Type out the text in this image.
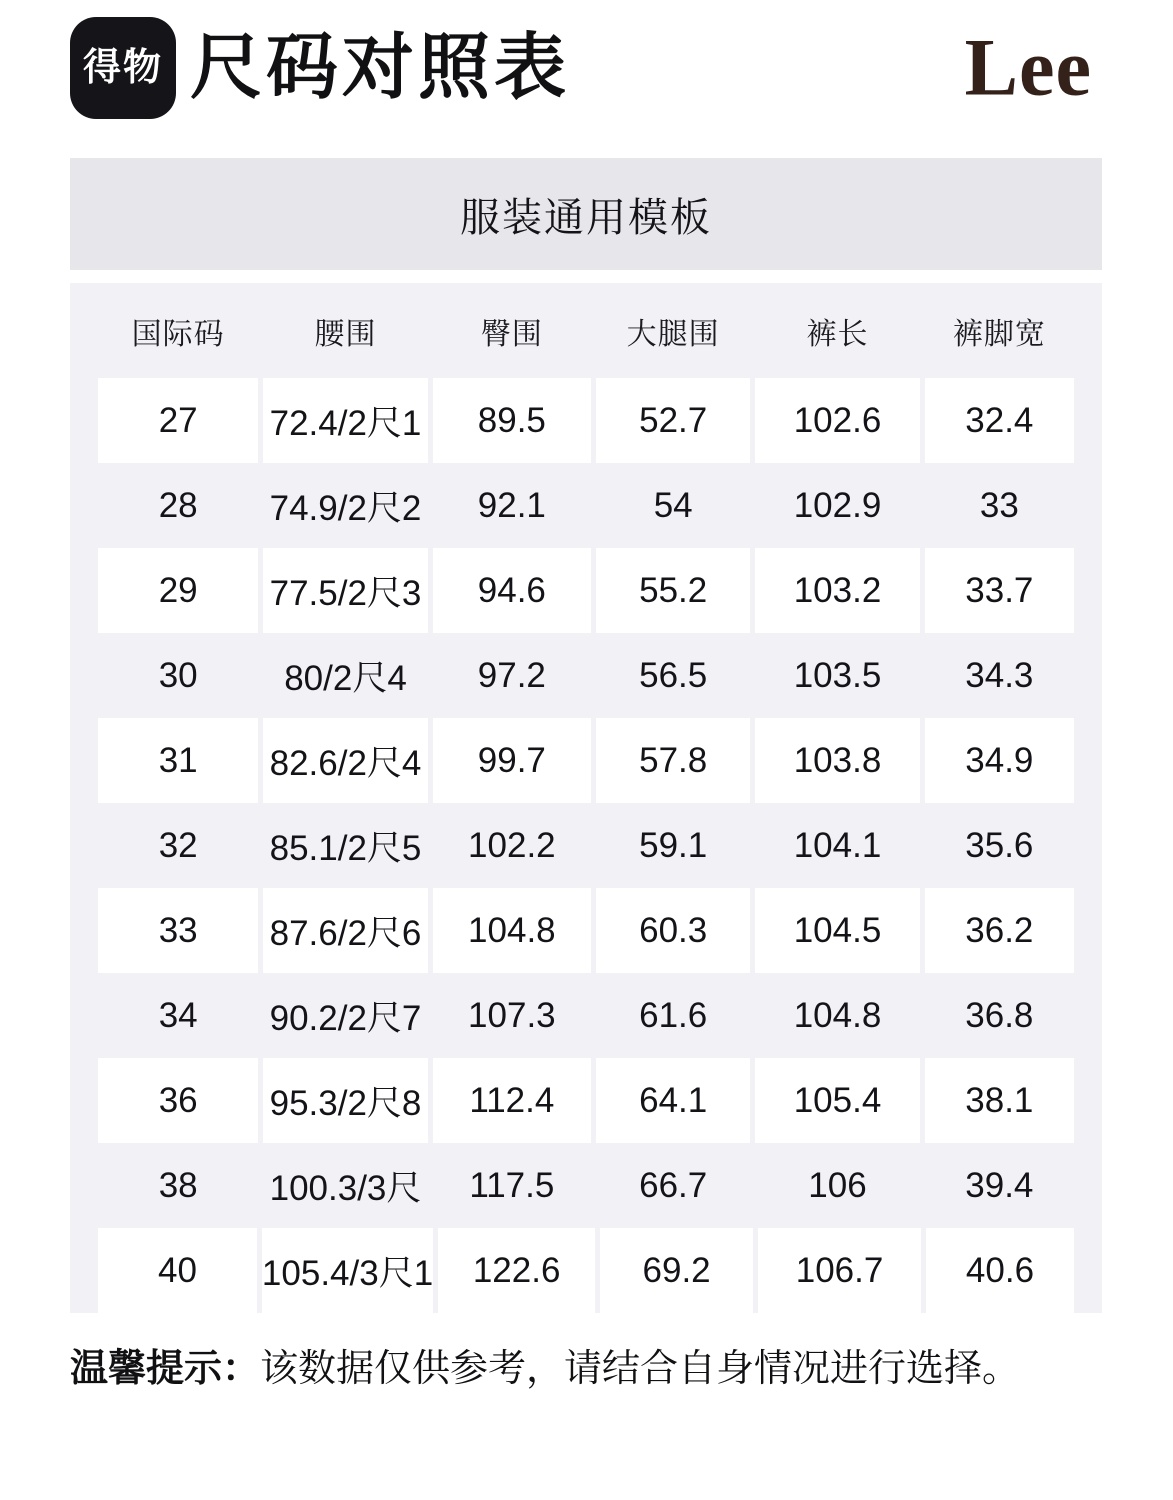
得物 尺码对照表	Lee
服装通用模板
国际码	腰围	臀围	大腿围	裤长	裤脚宽
27	72.4/2尺1	89.5	52.7	102.6	32.4
28	74.9/2尺2	92.1	54	102.9	33
29	77.5/2尺3	94.6	55.2	103.2	33.7
30	80/2尺4	97.2	56.5	103.5	34.3
31	82.6/2尺4	99.7	57.8	103.8	34.9
32	85.1/2尺5	102.2	59.1	104.1	35.6
33	87.6/2尺6	104.8	60.3	104.5	36.2
34	90.2/2尺7	107.3	61.6	104.8	36.8
36	95.3/2尺8	112.4	64.1	105.4	38.1
38	100.3/3尺	117.5	66.7	106	39.4
40	105.4/3尺1	122.6	69.2	106.7	40.6

温馨提示：该数据仅供参考，请结合自身情况进行选择。
